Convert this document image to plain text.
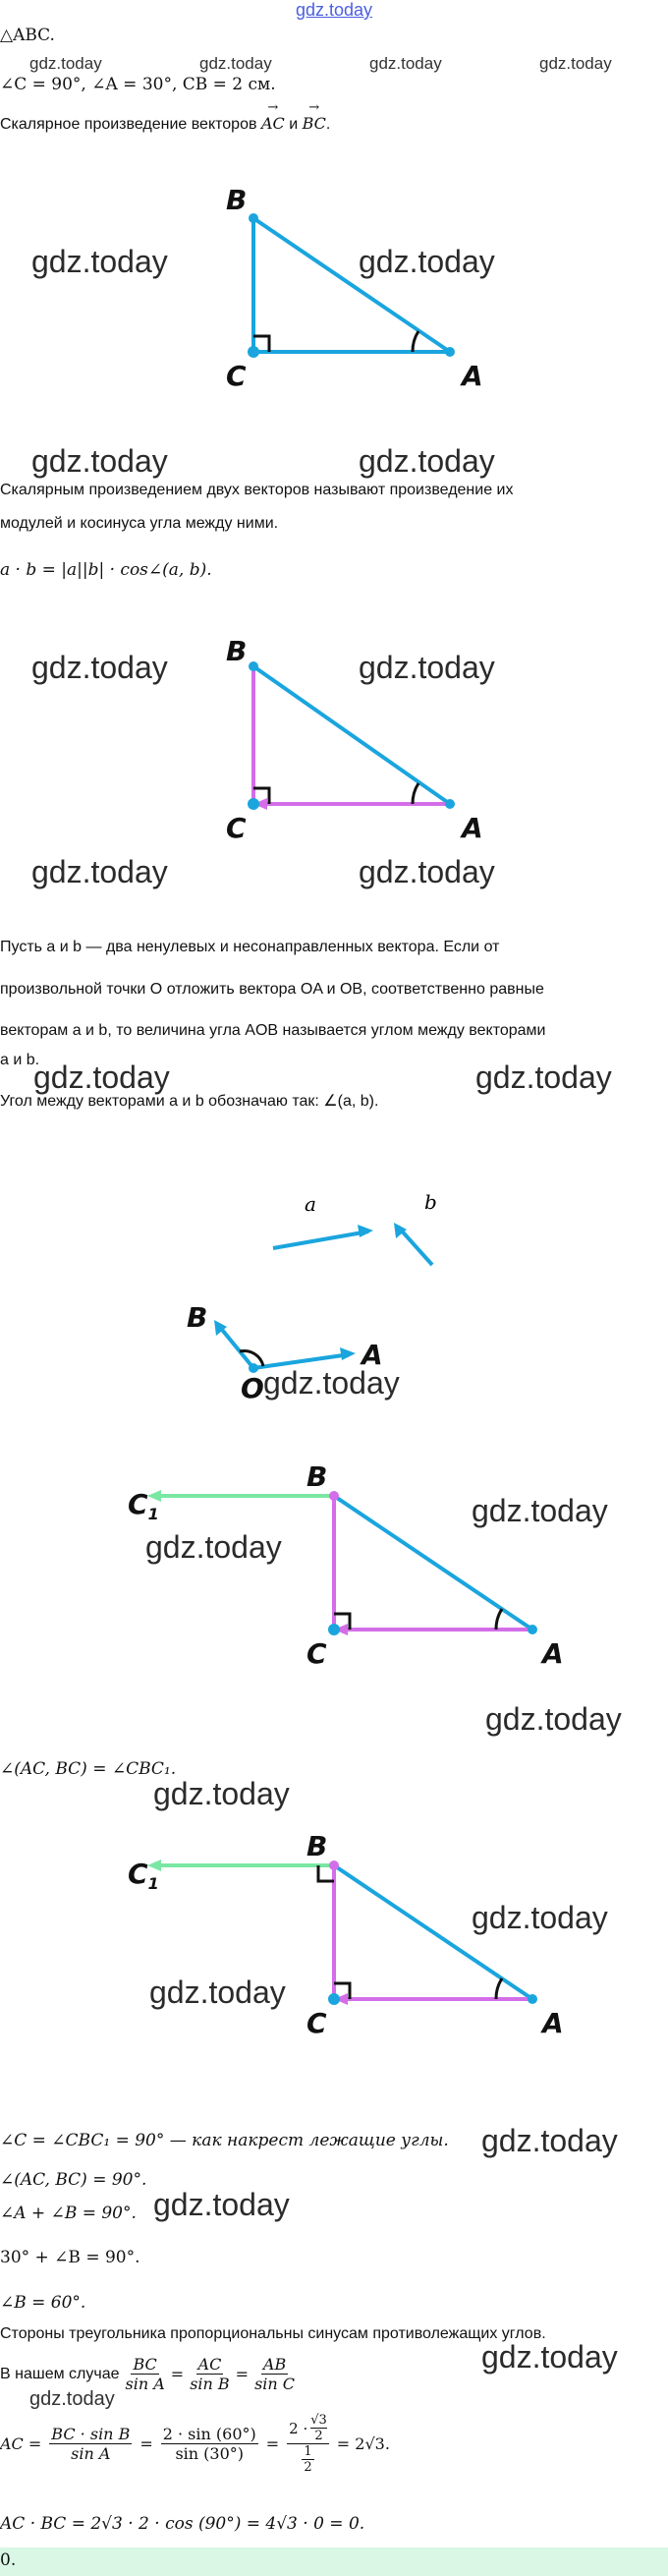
gdz.today
△ABC.
gdz.today	gdz.today	gdz.today	gdz.today
∠C = 90°, ∠A = 30°, CB = 2 см.
Скалярное произведение векторов → AC и → BC.
gdz.today	gdz.today
gdz.today	gdz.today
B
C	A
Скалярным произведением двух векторов называют произведение их
модулей и косинуса угла между ними.
a · b = |a||b| · cos∠(a, b).
gdz.today	gdz.today
gdz.today	gdz.today
B
C	A
Пусть a и b — два ненулевых и несонаправленных вектора. Если от
произвольной точки O отложить вектора OA и OB, соответственно равные
векторам a и b, то величина угла AOB называется углом между векторами
a и b.
gdz.today	gdz.today
Угол между векторами a и b обозначаю так: ∠(a, b).
a	b
B
A
O gdz.today
gdz.today
gdz.today
gdz.today
B
C	A
$C_1$
∠(AC, BC) = ∠CBC₁.
gdz.today
gdz.today
gdz.today
B
C	A
$C_1$
∠C = ∠CBC₁ = 90° — как накрест лежащие углы. gdz.today
∠(AC, BC) = 90°.
gdz.today
∠A + ∠B = 90°.
30° + ∠B = 90°.
∠B = 60°.
Стороны треугольника пропорциональны синусам противолежащих углов.
gdz.today
В нашем случае $\frac{BC}{\text{sin A}} = \frac{AC}{\text{sin B}} = \frac{AB}{\text{sin C}}$
gdz.today
AC = $\frac{\text{BC · sin B}}{\text{sin A}} = \frac{2 \cdot \sin (60^\circ)}{\sin (30^\circ)} = 2 \cdot √3$
2
1
2 = 2√3.
AC · BC = 2√3 · 2 · cos (90°) = 4√3 · 0 = 0.
0.
